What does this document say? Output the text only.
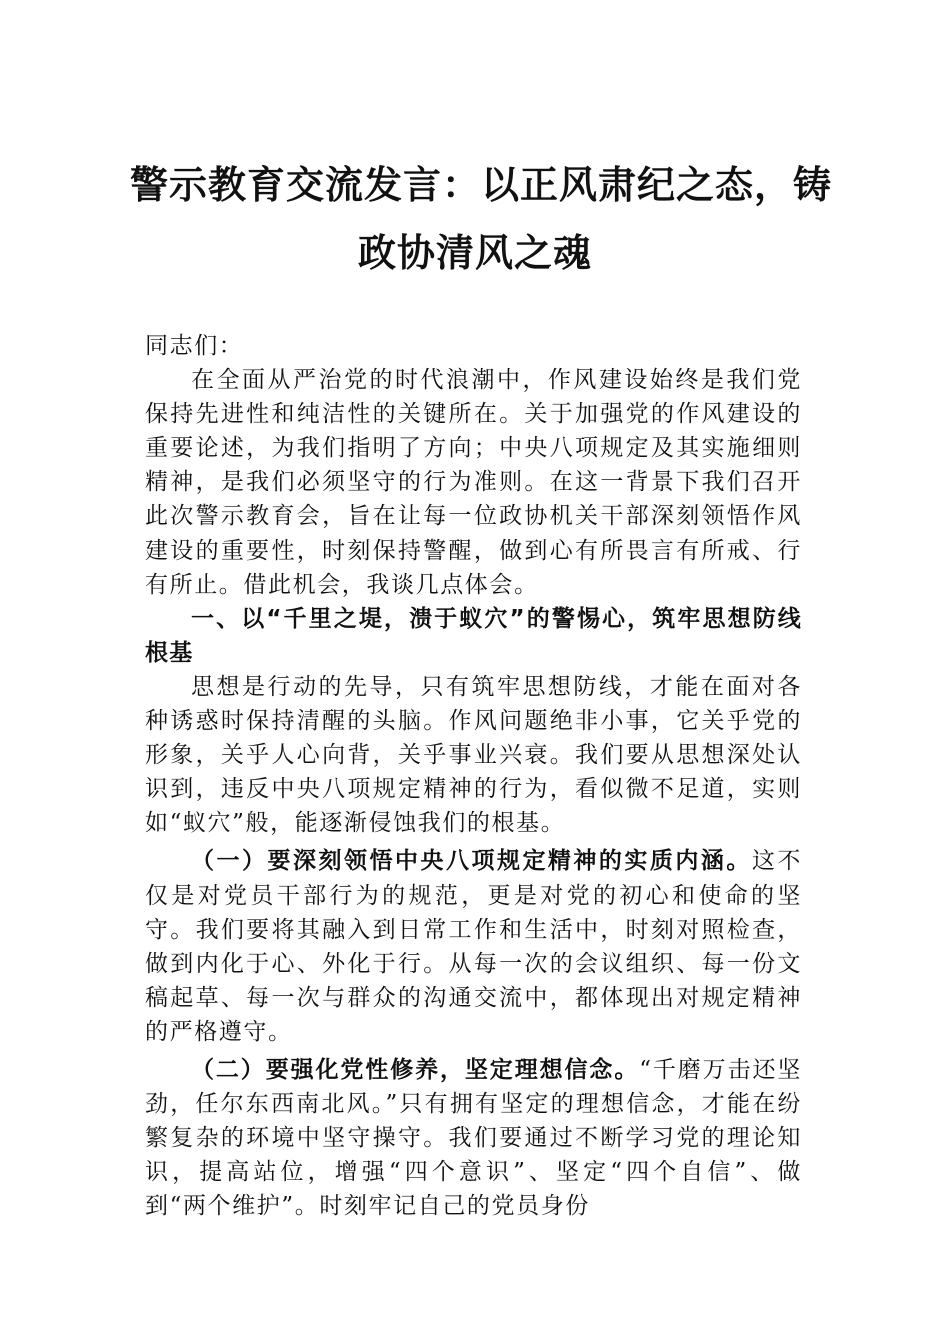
警示教育交流发言：以正风肃纪之态，铸
政协清风之魂

同志们：

在全面从严治党的时代浪潮中，作风建设始终是我们党保持先进性和纯洁性的关键所在。关于加强党的作风建设的重要论述，为我们指明了方向；中央八项规定及其实施细则精神，是我们必须坚守的行为准则。在这一背景下我们召开此次警示教育会，旨在让每一位政协机关干部深刻领悟作风建设的重要性，时刻保持警醒，做到心有所畏言有所戒、行有所止。借此机会，我谈几点体会。

一、以“千里之堤，溃于蚁穴”的警惕心，筑牢思想防线根基

思想是行动的先导，只有筑牢思想防线，才能在面对各种诱惑时保持清醒的头脑。作风问题绝非小事，它关乎党的形象，关乎人心向背，关乎事业兴衰。我们要从思想深处认识到，违反中央八项规定精神的行为，看似微不足道，实则如“蚁穴”般，能逐渐侵蚀我们的根基。

（一）要深刻领悟中央八项规定精神的实质内涵。这不仅是对党员干部行为的规范，更是对党的初心和使命的坚守。我们要将其融入到日常工作和生活中，时刻对照检查，做到内化于心、外化于行。从每一次的会议组织、每一份文稿起草、每一次与群众的沟通交流中，都体现出对规定精神的严格遵守。

（二）要强化党性修养，坚定理想信念。“千磨万击还坚劲，任尔东西南北风。”只有拥有坚定的理想信念，才能在纷繁复杂的环境中坚守操守。我们要通过不断学习党的理论知识，提高站位，增强“四个意识”、坚定“四个自信”、做到“两个维护”。时刻牢记自己的党员身份
